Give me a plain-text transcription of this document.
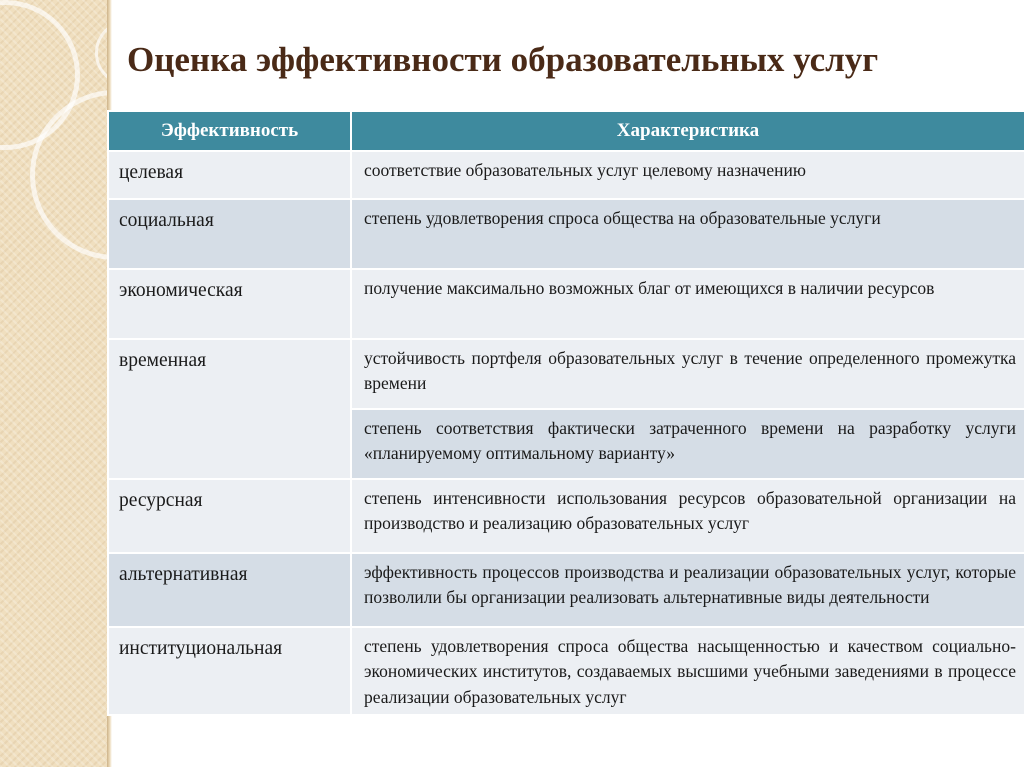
Оценка эффективности образовательных услуг
Эффективность	Характеристика
целевая	соответствие образовательных услуг целевому назначению
социальная	степень удовлетворения спроса общества на образовательные услуги
экономическая	получение максимально возможных благ от имеющихся в наличии ресурсов
временная	устойчивость портфеля образовательных услуг в течение определенного промежутка времени
	степень соответствия фактически затраченного времени на разработку услуги «планируемому оптимальному варианту»
ресурсная	степень интенсивности использования ресурсов образовательной организации на производство и реализацию образовательных услуг
альтернативная	эффективность процессов производства и реализации образовательных услуг, которые позволили бы организации реализовать альтернативные виды деятельности
институциональная	степень удовлетворения спроса общества насыщенностью и качеством социально-экономических институтов, создаваемых высшими учебными заведениями в процессе реализации образовательных услуг
